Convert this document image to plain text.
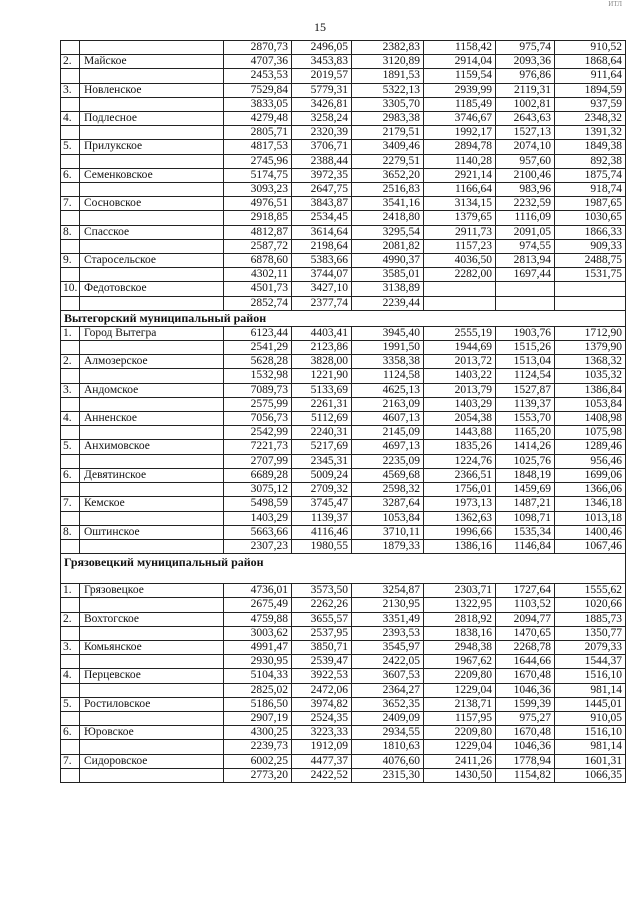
15
ИТЛ
		2870,73	2496,05	2382,83	1158,42	975,74	910,52
2.	Майское	4707,36	3453,83	3120,89	2914,04	2093,36	1868,64
		2453,53	2019,57	1891,53	1159,54	976,86	911,64
3.	Новленское	7529,84	5779,31	5322,13	2939,99	2119,31	1894,59
		3833,05	3426,81	3305,70	1185,49	1002,81	937,59
4.	Подлесное	4279,48	3258,24	2983,38	3746,67	2643,63	2348,32
		2805,71	2320,39	2179,51	1992,17	1527,13	1391,32
5.	Прилукское	4817,53	3706,71	3409,46	2894,78	2074,10	1849,38
		2745,96	2388,44	2279,51	1140,28	957,60	892,38
6.	Семенковское	5174,75	3972,35	3652,20	2921,14	2100,46	1875,74
		3093,23	2647,75	2516,83	1166,64	983,96	918,74
7.	Сосновское	4976,51	3843,87	3541,16	3134,15	2232,59	1987,65
		2918,85	2534,45	2418,80	1379,65	1116,09	1030,65
8.	Спасское	4812,87	3614,64	3295,54	2911,73	2091,05	1866,33
		2587,72	2198,64	2081,82	1157,23	974,55	909,33
9.	Старосельское	6878,60	5383,66	4990,37	4036,50	2813,94	2488,75
		4302,11	3744,07	3585,01	2282,00	1697,44	1531,75
10.	Федотовское	4501,73	3427,10	3138,89			
		2852,74	2377,74	2239,44			
Вытегорский муниципальный район							
1.	Город Вытегра	6123,44	4403,41	3945,40	2555,19	1903,76	1712,90
		2541,29	2123,86	1991,50	1944,69	1515,26	1379,90
2.	Алмозерское	5628,28	3828,00	3358,38	2013,72	1513,04	1368,32
		1532,98	1221,90	1124,58	1403,22	1124,54	1035,32
3.	Андомское	7089,73	5133,69	4625,13	2013,79	1527,87	1386,84
		2575,99	2261,31	2163,09	1403,29	1139,37	1053,84
4.	Анненское	7056,73	5112,69	4607,13	2054,38	1553,70	1408,98
		2542,99	2240,31	2145,09	1443,88	1165,20	1075,98
5.	Анхимовское	7221,73	5217,69	4697,13	1835,26	1414,26	1289,46
		2707,99	2345,31	2235,09	1224,76	1025,76	956,46
6.	Девятинское	6689,28	5009,24	4569,68	2366,51	1848,19	1699,06
		3075,12	2709,32	2598,32	1756,01	1459,69	1366,06
7.	Кемское	5498,59	3745,47	3287,64	1973,13	1487,21	1346,18
		1403,29	1139,37	1053,84	1362,63	1098,71	1013,18
8.	Оштинское	5663,66	4116,46	3710,11	1996,66	1535,34	1400,46
		2307,23	1980,55	1879,33	1386,16	1146,84	1067,46
Грязовецкий муниципальный район							
1.	Грязовецкое	4736,01	3573,50	3254,87	2303,71	1727,64	1555,62
		2675,49	2262,26	2130,95	1322,95	1103,52	1020,66
2.	Вохтогское	4759,88	3655,57	3351,49	2818,92	2094,77	1885,73
		3003,62	2537,95	2393,53	1838,16	1470,65	1350,77
3.	Комьянское	4991,47	3850,71	3545,97	2948,38	2268,78	2079,33
		2930,95	2539,47	2422,05	1967,62	1644,66	1544,37
4.	Перцевское	5104,33	3922,53	3607,53	2209,80	1670,48	1516,10
		2825,02	2472,06	2364,27	1229,04	1046,36	981,14
5.	Ростиловское	5186,50	3974,82	3652,35	2138,71	1599,39	1445,01
		2907,19	2524,35	2409,09	1157,95	975,27	910,05
6.	Юровское	4300,25	3223,33	2934,55	2209,80	1670,48	1516,10
		2239,73	1912,09	1810,63	1229,04	1046,36	981,14
7.	Сидоровское	6002,25	4477,37	4076,60	2411,26	1778,94	1601,31
		2773,20	2422,52	2315,30	1430,50	1154,82	1066,35
